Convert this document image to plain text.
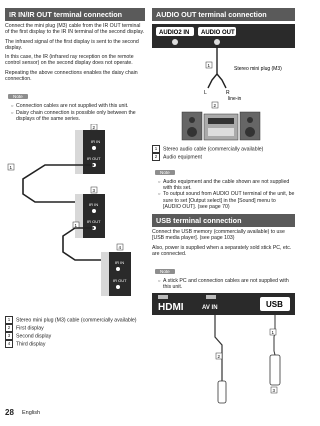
IR IN/IR OUT terminal connection

Connect the mini plug (M3) cable from the IR OUT terminal of the first display to the IR IN terminal of the second display.

The infrared signal of the first display is sent to the second display.

In this case, the IR (infrared ray reception on the remote control sensor) on the second display does not operate.

Repeating the above connections enables the daisy chain connection.

Note
○ Connection cables are not supplied with this unit.
○ Daisy chain connection is possible only between the displays of the same series.
IR IN
IR OUT
2
1
IR IN
IR OUT
3
1
IR IN
IR OUT
4

1 Stereo mini plug (M3) cable (commercially available)

2 First display

3 Second display

4 Third display

AUDIO OUT terminal connection
AUDIO2 IN AUDIO OUT
Stereo mini plug (M3)
1
L	R
line-in
2

1 Stereo audio cable (commercially available)

2 Audio equipment

Note
○ Audio equipment and the cable shown are not supplied with this set.
○ To output sound from AUDIO OUT terminal of the unit, be sure to set [Output select] in the [Sound] menu to [AUDIO OUT]. (see page 70)
USB terminal connection

Connect the USB memory (commercially available) to use [USB media player]. (see page 103)

Also, power is supplied when a separately sold stick PC, etc. are connected.

Note
○ A stick PC and connection cables are not supplied with this unit.
HDMI	AV IN	USB
1
2
3
28 English
